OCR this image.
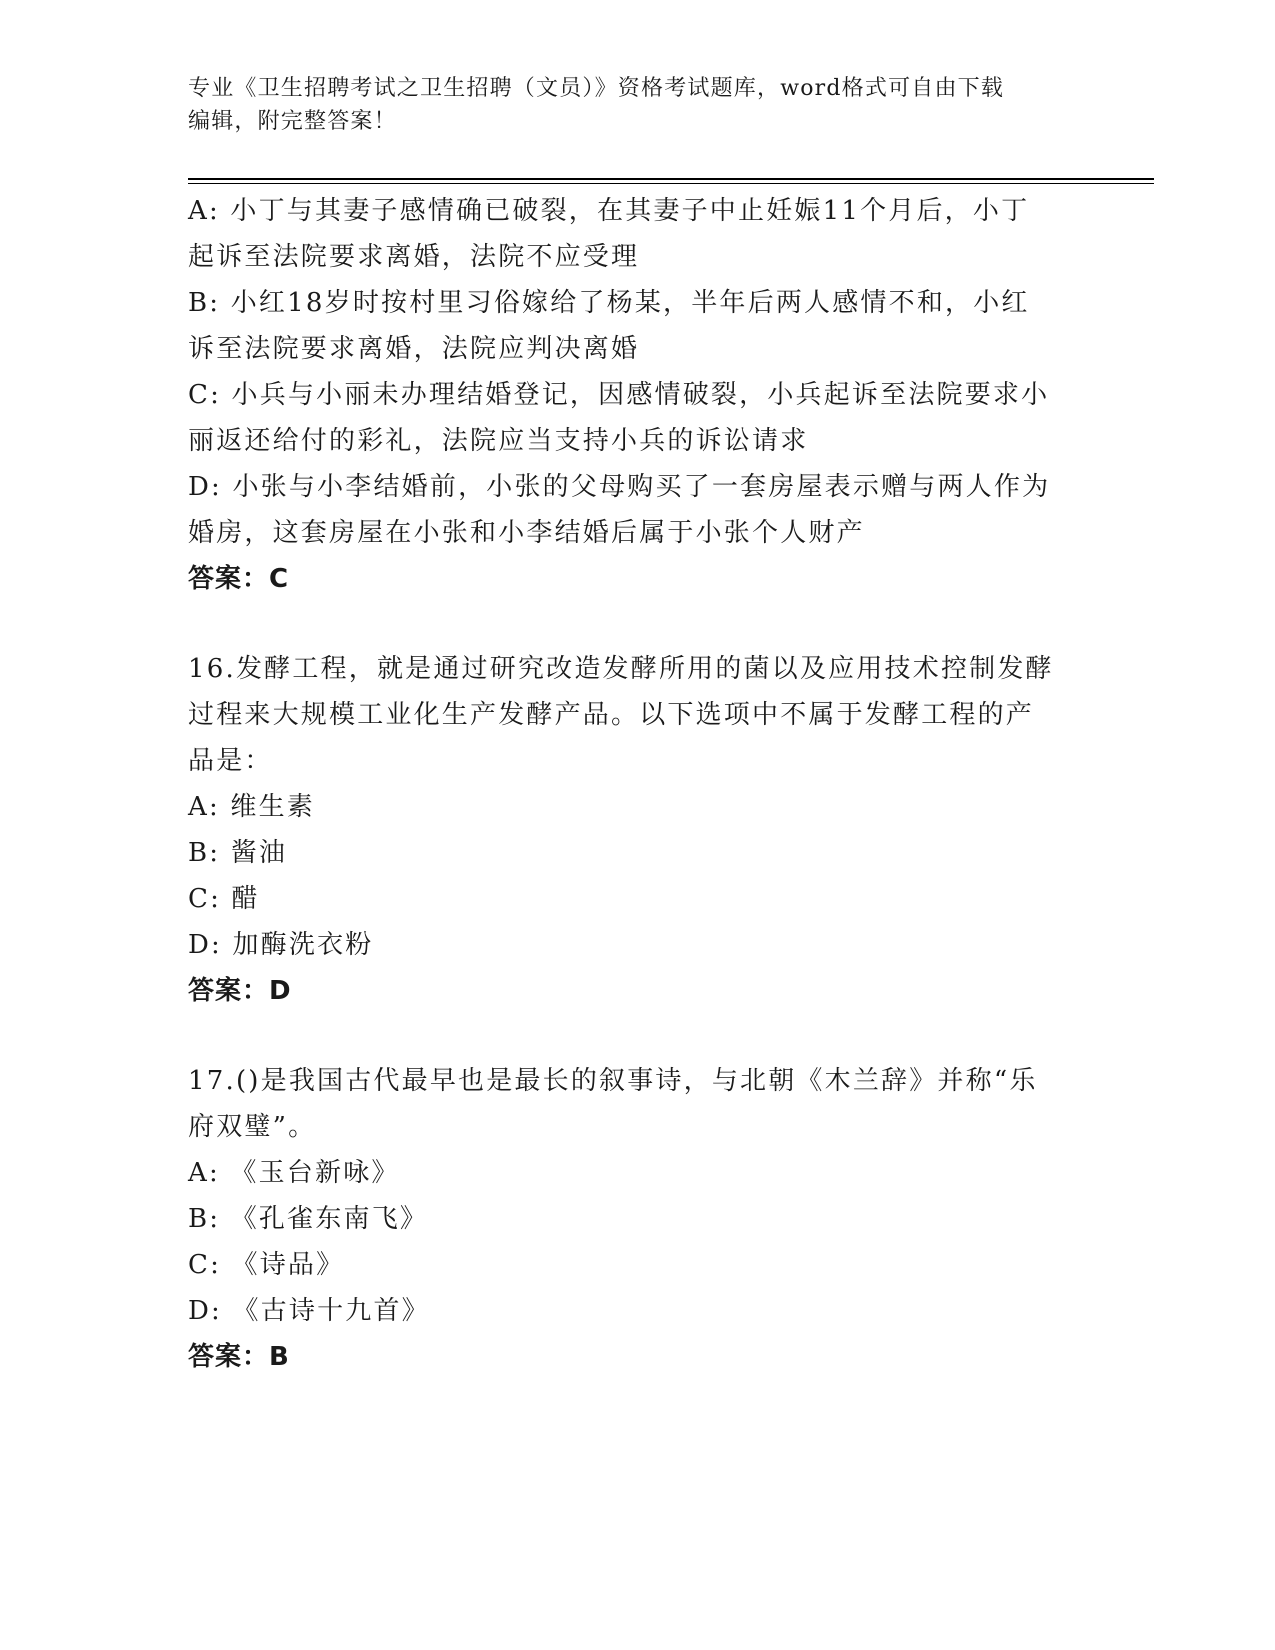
专业《卫生招聘考试之卫生招聘（文员）》资格考试题库，word格式可自由下载
编辑，附完整答案！
A: 小丁与其妻子感情确已破裂，在其妻子中止妊娠11个月后，小丁
起诉至法院要求离婚，法院不应受理
B: 小红18岁时按村里习俗嫁给了杨某，半年后两人感情不和，小红
诉至法院要求离婚，法院应判决离婚
C: 小兵与小丽未办理结婚登记，因感情破裂，小兵起诉至法院要求小
丽返还给付的彩礼，法院应当支持小兵的诉讼请求
D: 小张与小李结婚前，小张的父母购买了一套房屋表示赠与两人作为
婚房，这套房屋在小张和小李结婚后属于小张个人财产
答案：C
16.发酵工程，就是通过研究改造发酵所用的菌以及应用技术控制发酵
过程来大规模工业化生产发酵产品。以下选项中不属于发酵工程的产
品是：
A: 维生素
B: 酱油
C: 醋
D: 加酶洗衣粉
答案：D
17.()是我国古代最早也是最长的叙事诗，与北朝《木兰辞》并称“乐
府双璧”。
A: 《玉台新咏》
B: 《孔雀东南飞》
C: 《诗品》
D: 《古诗十九首》
答案：B
